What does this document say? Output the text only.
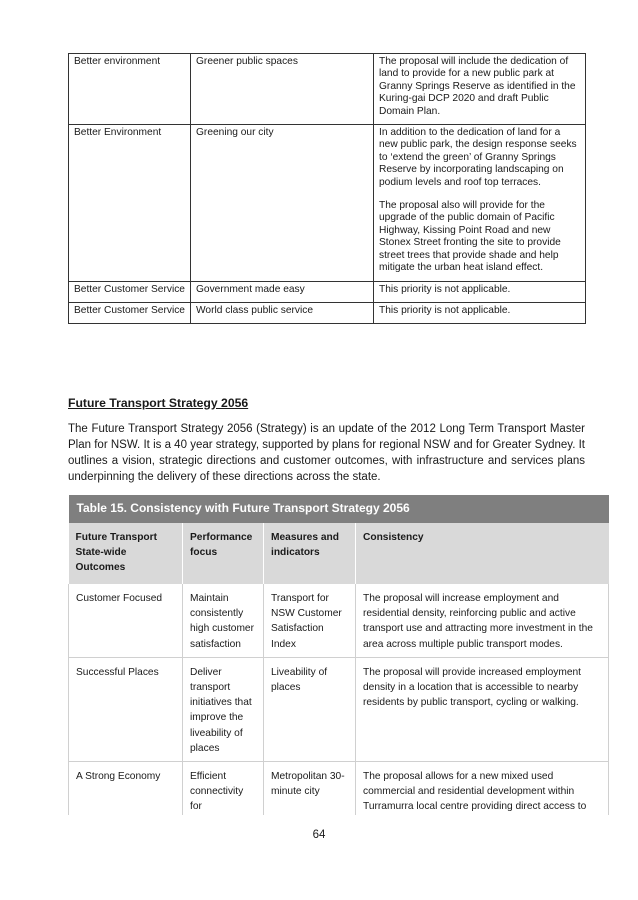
Better environment	Greener public spaces	The proposal will include the dedication of land to provide for a new public park at Granny Springs Reserve as identified in the Kuring-gai DCP 2020 and draft Public Domain Plan.

Better Environment	Greening our city	In addition to the dedication of land for a new public park, the design response seeks to ‘extend the green’ of Granny Springs Reserve by incorporating landscaping on podium levels and roof top terraces.

The proposal also will provide for the upgrade of the public domain of Pacific Highway, Kissing Point Road and new Stonex Street fronting the site to provide street trees that provide shade and help mitigate the urban heat island effect.

Better Customer Service	Government made easy	This priority is not applicable.

Better Customer Service	World class public service	This priority is not applicable.

Future Transport Strategy 2056

The Future Transport Strategy 2056 (Strategy) is an update of the 2012 Long Term Transport Master Plan for NSW. It is a 40 year strategy, supported by plans for regional NSW and for Greater Sydney. It outlines a vision, strategic directions and customer outcomes, with infrastructure and services plans underpinning the delivery of these directions across the state.

Table 15. Consistency with Future Transport Strategy 2056			
Future Transport State-wide Outcomes	Performance focus	Measures and indicators	Consistency
Customer Focused	Maintain consistently high customer satisfaction	Transport for NSW Customer Satisfaction Index	The proposal will increase employment and residential density, reinforcing public and active transport use and attracting more investment in the area across multiple public transport modes.
Successful Places	Deliver transport initiatives that improve the liveability of places	Liveability of places	The proposal will provide increased employment density in a location that is accessible to nearby residents by public transport, cycling or walking.
A Strong Economy	Efficient connectivity for	Metropolitan 30-minute city	The proposal allows for a new mixed used commercial and residential development within Turramurra local centre providing direct access to

64
